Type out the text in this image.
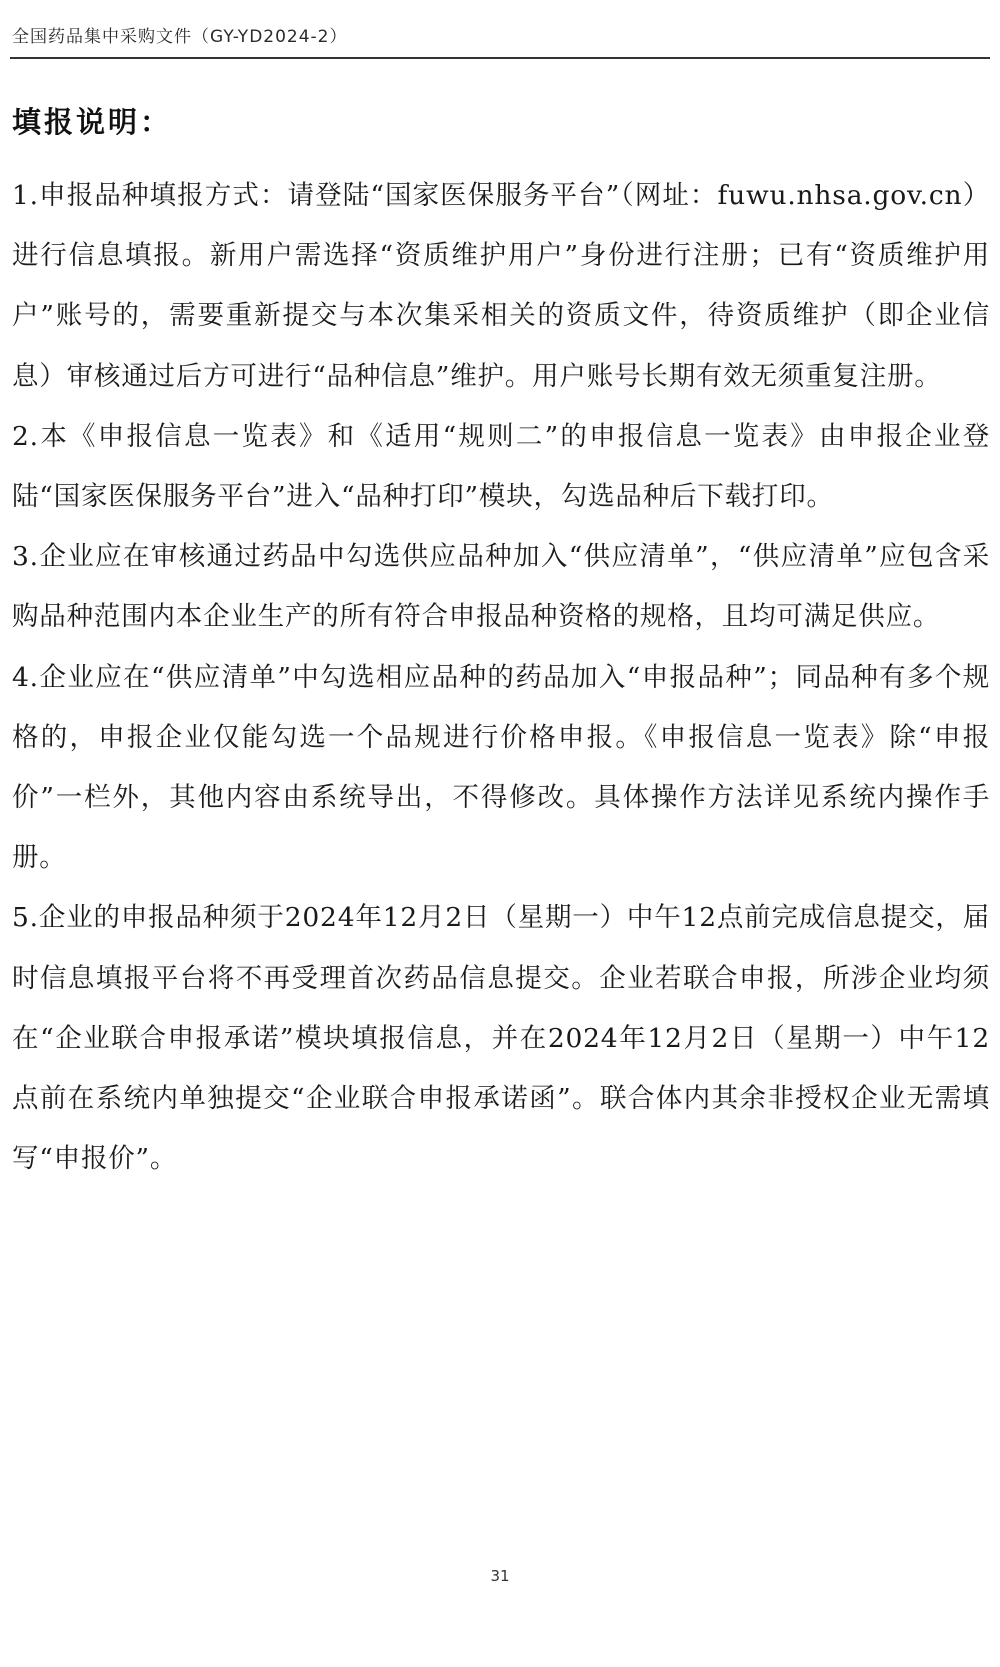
全国药品集中采购文件（GY-YD2024-2）
填报说明：

1.申报品种填报方式：请登陆“国家医保服务平台”（网址：fuwu.nhsa.gov.cn）进行信息填报。新用户需选择“资质维护用户”身份进行注册；已有“资质维护用户”账号的，需要重新提交与本次集采相关的资质文件，待资质维护（即企业信息）审核通过后方可进行“品种信息”维护。用户账号长期有效无须重复注册。

2.本《申报信息一览表》和《适用“规则二”的申报信息一览表》由申报企业登陆“国家医保服务平台”进入“品种打印”模块，勾选品种后下载打印。

3.企业应在审核通过药品中勾选供应品种加入“供应清单”，“供应清单”应包含采购品种范围内本企业生产的所有符合申报品种资格的规格，且均可满足供应。

4.企业应在“供应清单”中勾选相应品种的药品加入“申报品种”；同品种有多个规格的，申报企业仅能勾选一个品规进行价格申报。《申报信息一览表》除“申报价”一栏外，其他内容由系统导出，不得修改。具体操作方法详见系统内操作手册。

5.企业的申报品种须于2024年12月2日（星期一）中午12点前完成信息提交，届时信息填报平台将不再受理首次药品信息提交。企业若联合申报，所涉企业均须在“企业联合申报承诺”模块填报信息，并在2024年12月2日（星期一）中午12点前在系统内单独提交“企业联合申报承诺函”。联合体内其余非授权企业无需填写“申报价”。

31
